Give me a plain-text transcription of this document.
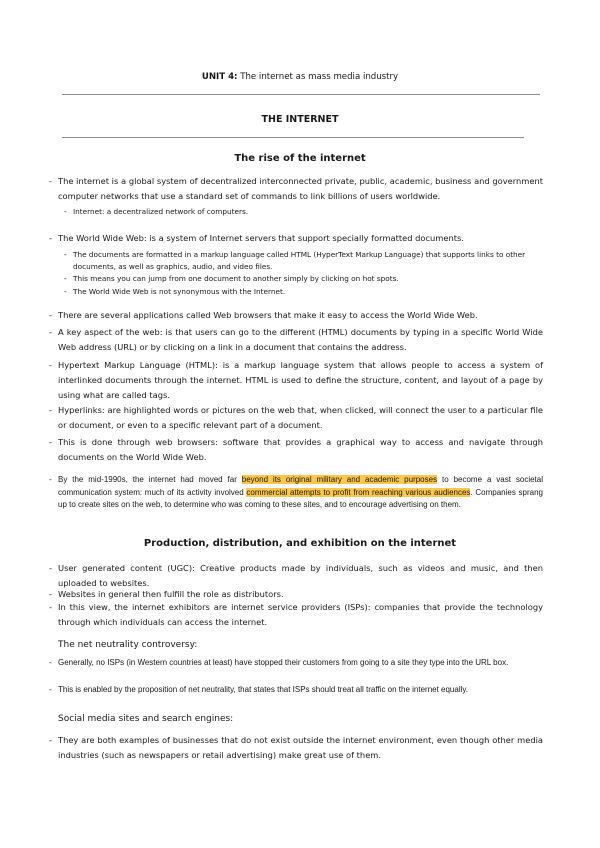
UNIT 4: The internet as mass media industry
THE INTERNET
The rise of the internet
- The internet is a global system of decentralized interconnected private, public, academic, business and government computer networks that use a standard set of commands to link billions of users worldwide.
- Internet: a decentralized network of computers.
- The World Wide Web: is a system of Internet servers that support specially formatted documents.
- The documents are formatted in a markup language called HTML (HyperText Markup Language) that supports links to other documents, as well as graphics, audio, and video files.
- This means you can jump from one document to another simply by clicking on hot spots.
- The World Wide Web is not synonymous with the Internet.
- There are several applications called Web browsers that make it easy to access the World Wide Web.
- A key aspect of the web: is that users can go to the different (HTML) documents by typing in a specific World Wide Web address (URL) or by clicking on a link in a document that contains the address.
- Hypertext Markup Language (HTML): is a markup language system that allows people to access a system of interlinked documents through the internet. HTML is used to define the structure, content, and layout of a page by using what are called tags.
- Hyperlinks: are highlighted words or pictures on the web that, when clicked, will connect the user to a particular file or document, or even to a specific relevant part of a document.
- This is done through web browsers: software that provides a graphical way to access and navigate through documents on the World Wide Web.
- By the mid-1990s, the internet had moved far beyond its original military and academic purposes to become a vast societal communication system: much of its activity involved commercial attempts to profit from reaching various audiences. Companies sprang up to create sites on the web, to determine who was coming to these sites, and to encourage advertising on them.
Production, distribution, and exhibition on the internet
- User generated content (UGC): Creative products made by individuals, such as videos and music, and then uploaded to websites.
- Websites in general then fulfill the role as distributors.
- In this view, the internet exhibitors are internet service providers (ISPs): companies that provide the technology through which individuals can access the internet.
The net neutrality controversy:
- Generally, no ISPs (in Western countries at least) have stopped their customers from going to a site they type into the URL box.
- This is enabled by the proposition of net neutrality, that states that ISPs should treat all traffic on the internet equally.
Social media sites and search engines:
- They are both examples of businesses that do not exist outside the internet environment, even though other media industries (such as newspapers or retail advertising) make great use of them.
